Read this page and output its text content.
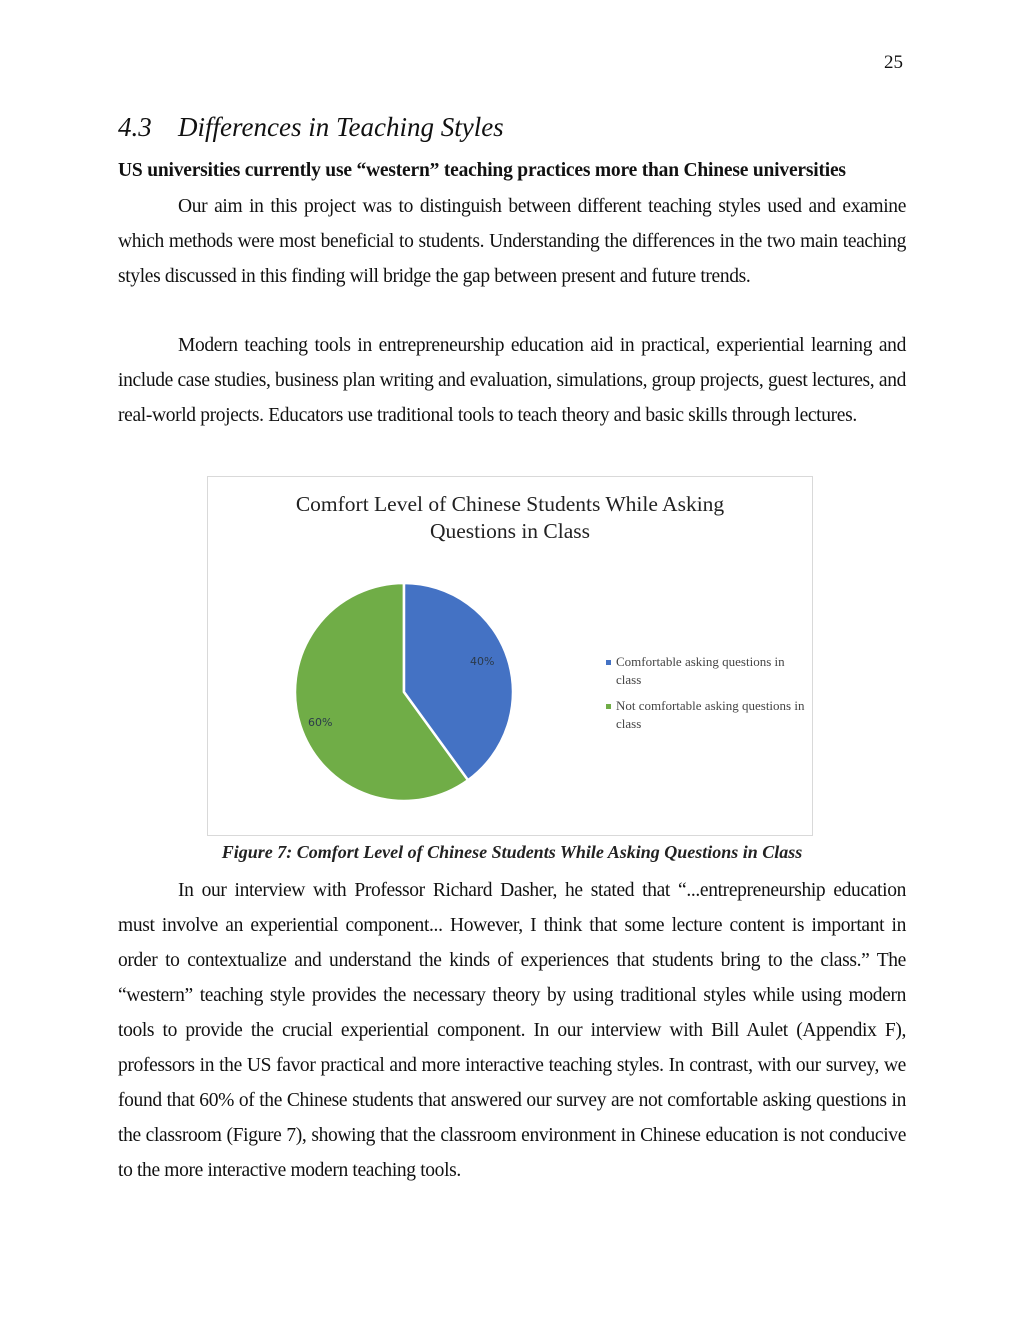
25
4.3 Differences in Teaching Styles
US universities currently use “western” teaching practices more than Chinese universities

Our aim in this project was to distinguish between different teaching styles used and examine which methods were most beneficial to students. Understanding the differences in the two main teaching styles discussed in this finding will bridge the gap between present and future trends.

Modern teaching tools in entrepreneurship education aid in practical, experiential learning and include case studies, business plan writing and evaluation, simulations, group projects, guest lectures, and real-world projects. Educators use traditional tools to teach theory and basic skills through lectures.

Comfort Level of Chinese Students While Asking
Questions in Class
40%
60%
Comfortable asking questions in class
Not comfortable asking questions in class
Figure 7: Comfort Level of Chinese Students While Asking Questions in Class

In our interview with Professor Richard Dasher, he stated that “...entrepreneurship education must involve an experiential component... However, I think that some lecture content is important in order to contextualize and understand the kinds of experiences that students bring to the class.” The “western” teaching style provides the necessary theory by using traditional styles while using modern tools to provide the crucial experiential component. In our interview with Bill Aulet (Appendix F), professors in the US favor practical and more interactive teaching styles. In contrast, with our survey, we found that 60% of the Chinese students that answered our survey are not comfortable asking questions in the classroom (Figure 7), showing that the classroom environment in Chinese education is not conducive to the more interactive modern teaching tools.
